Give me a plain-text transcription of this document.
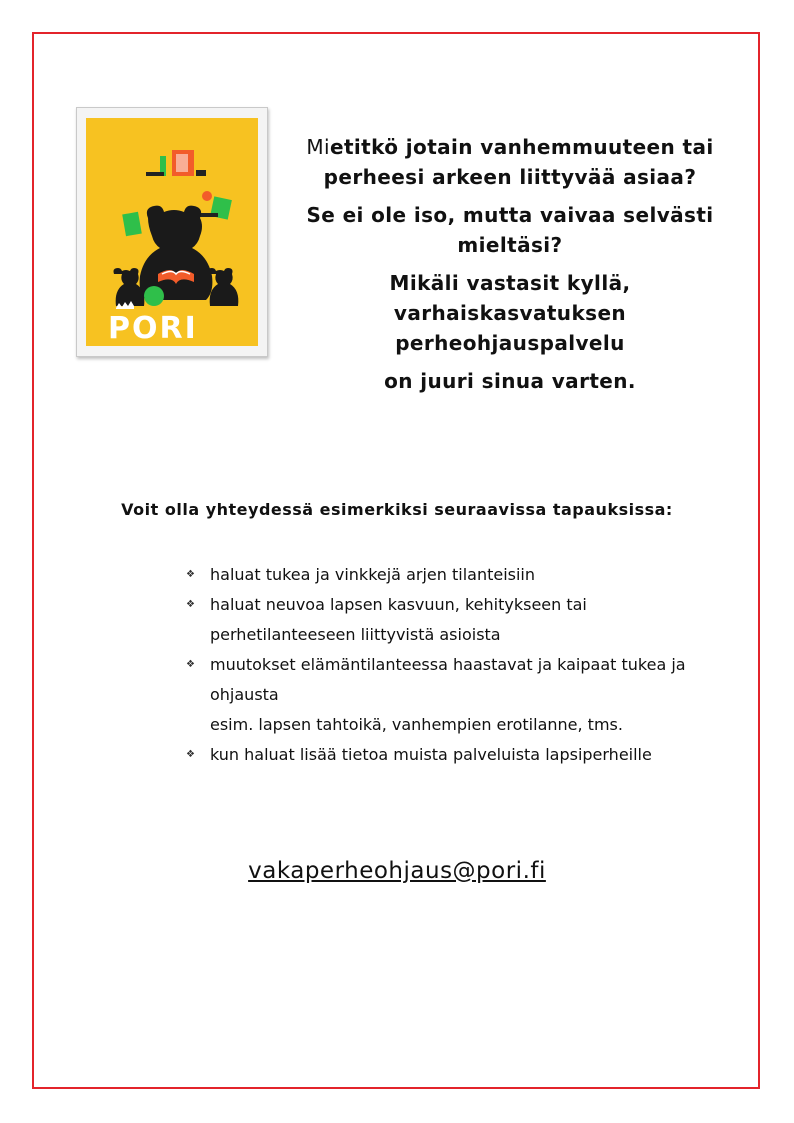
PORI

Mietitkö jotain vanhemmuuteen tai perheesi arkeen liittyvää asiaa?

Se ei ole iso, mutta vaivaa selvästi mieltäsi?

Mikäli vastasit kyllä, varhaiskasvatuksen perheohjauspalvelu

on juuri sinua varten.

Voit olla yhteydessä esimerkiksi seuraavissa tapauksissa:
❖ haluat tukea ja vinkkejä arjen tilanteisiin
❖ haluat neuvoa lapsen kasvuun, kehitykseen tai perhetilanteeseen liittyvistä asioista
❖ muutokset elämäntilanteessa haastavat ja kaipaat tukea ja ohjausta
esim. lapsen tahtoikä, vanhempien erotilanne, tms.
❖ kun haluat lisää tietoa muista palveluista lapsiperheille
vakaperheohjaus@pori.fi
